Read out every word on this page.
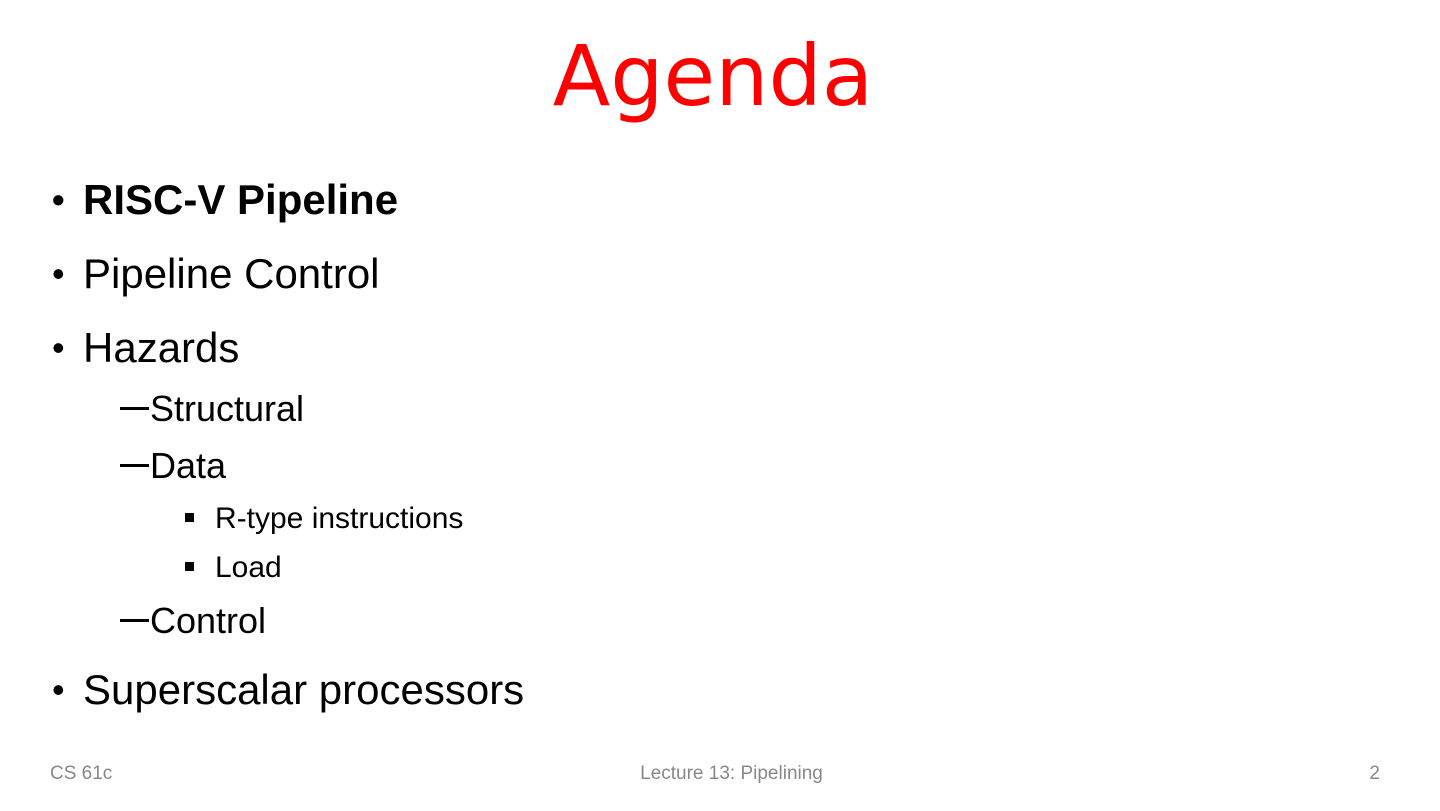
Agenda
• RISC-V Pipeline
• Pipeline Control
• Hazards
Structural
Data
R-type instructions
Load
Control
• Superscalar processors
CS 61c	Lecture 13: Pipelining	2
